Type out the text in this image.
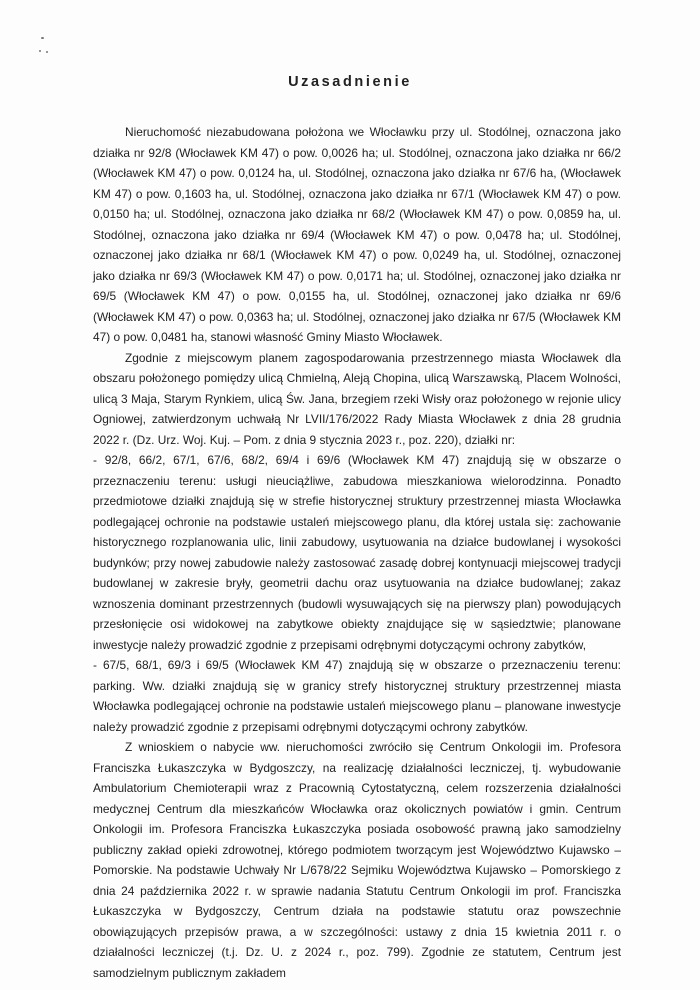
Uzasadnienie

Nieruchomość niezabudowana położona we Włocławku przy ul. Stodólnej, oznaczona jako działka nr 92/8 (Włocławek KM 47) o pow. 0,0026 ha; ul. Stodólnej, oznaczona jako działka nr 66/2 (Włocławek KM 47) o pow. 0,0124 ha, ul. Stodólnej, oznaczona jako działka nr 67/6 ha, (Włocławek KM 47) o pow. 0,1603 ha, ul. Stodólnej, oznaczona jako działka nr 67/1 (Włocławek KM 47) o pow. 0,0150 ha; ul. Stodólnej, oznaczona jako działka nr 68/2 (Włocławek KM 47) o pow. 0,0859 ha, ul. Stodólnej, oznaczona jako działka nr 69/4 (Włocławek KM 47) o pow. 0,0478 ha; ul. Stodólnej, oznaczonej jako działka nr 68/1 (Włocławek KM 47) o pow. 0,0249 ha, ul. Stodólnej, oznaczonej jako działka nr 69/3 (Włocławek KM 47) o pow. 0,0171 ha; ul. Stodólnej, oznaczonej jako działka nr 69/5 (Włocławek KM 47) o pow. 0,0155 ha, ul. Stodólnej, oznaczonej jako działka nr 69/6 (Włocławek KM 47) o pow. 0,0363 ha; ul. Stodólnej, oznaczonej jako działka nr 67/5 (Włocławek KM 47) o pow. 0,0481 ha, stanowi własność Gminy Miasto Włocławek.

Zgodnie z miejscowym planem zagospodarowania przestrzennego miasta Włocławek dla obszaru położonego pomiędzy ulicą Chmielną, Aleją Chopina, ulicą Warszawską, Placem Wolności, ulicą 3 Maja, Starym Rynkiem, ulicą Św. Jana, brzegiem rzeki Wisły oraz położonego w rejonie ulicy Ogniowej, zatwierdzonym uchwałą Nr LVII/176/2022 Rady Miasta Włocławek z dnia 28 grudnia 2022 r. (Dz. Urz. Woj. Kuj. – Pom. z dnia 9 stycznia 2023 r., poz. 220), działki nr:

- 92/8, 66/2, 67/1, 67/6, 68/2, 69/4 i 69/6 (Włocławek KM 47) znajdują się w obszarze o przeznaczeniu terenu: usługi nieuciążliwe, zabudowa mieszkaniowa wielorodzinna. Ponadto przedmiotowe działki znajdują się w strefie historycznej struktury przestrzennej miasta Włocławka podlegającej ochronie na podstawie ustaleń miejscowego planu, dla której ustala się: zachowanie historycznego rozplanowania ulic, linii zabudowy, usytuowania na działce budowlanej i wysokości budynków; przy nowej zabudowie należy zastosować zasadę dobrej kontynuacji miejscowej tradycji budowlanej w zakresie bryły, geometrii dachu oraz usytuowania na działce budowlanej; zakaz wznoszenia dominant przestrzennych (budowli wysuwających się na pierwszy plan) powodujących przesłonięcie osi widokowej na zabytkowe obiekty znajdujące się w sąsiedztwie; planowane inwestycje należy prowadzić zgodnie z przepisami odrębnymi dotyczącymi ochrony zabytków,

- 67/5, 68/1, 69/3 i 69/5 (Włocławek KM 47) znajdują się w obszarze o przeznaczeniu terenu: parking. Ww. działki znajdują się w granicy strefy historycznej struktury przestrzennej miasta Włocławka podlegającej ochronie na podstawie ustaleń miejscowego planu – planowane inwestycje należy prowadzić zgodnie z przepisami odrębnymi dotyczącymi ochrony zabytków.

Z wnioskiem o nabycie ww. nieruchomości zwróciło się Centrum Onkologii im. Profesora Franciszka Łukaszczyka w Bydgoszczy, na realizację działalności leczniczej, tj. wybudowanie Ambulatorium Chemioterapii wraz z Pracownią Cytostatyczną, celem rozszerzenia działalności medycznej Centrum dla mieszkańców Włocławka oraz okolicznych powiatów i gmin. Centrum Onkologii im. Profesora Franciszka Łukaszczyka posiada osobowość prawną jako samodzielny publiczny zakład opieki zdrowotnej, którego podmiotem tworzącym jest Województwo Kujawsko – Pomorskie. Na podstawie Uchwały Nr L/678/22 Sejmiku Województwa Kujawsko – Pomorskiego z dnia 24 października 2022 r. w sprawie nadania Statutu Centrum Onkologii im prof. Franciszka Łukaszczyka w Bydgoszczy, Centrum działa na podstawie statutu oraz powszechnie obowiązujących przepisów prawa, a w szczególności: ustawy z dnia 15 kwietnia 2011 r. o działalności leczniczej (t.j. Dz. U. z 2024 r., poz. 799). Zgodnie ze statutem, Centrum jest samodzielnym publicznym zakładem
